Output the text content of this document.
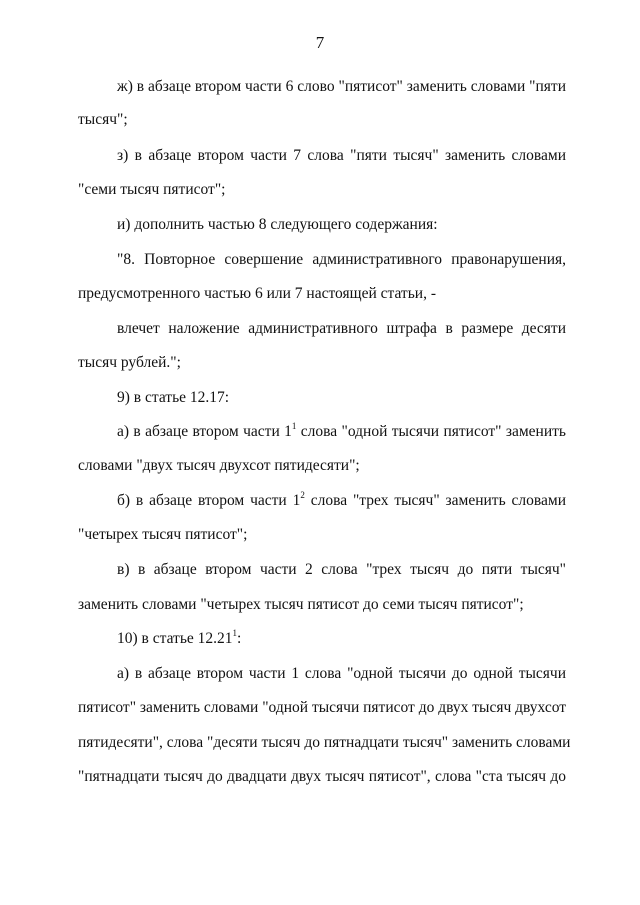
7
ж) в абзаце втором части 6 слово "пятисот" заменить словами "пяти
тысяч";
з) в абзаце втором части 7 слова "пяти тысяч" заменить словами
"семи тысяч пятисот";
и) дополнить частью 8 следующего содержания:
"8. Повторное совершение административного правонарушения,
предусмотренного частью 6 или 7 настоящей статьи, -
влечет наложение административного штрафа в размере десяти
тысяч рублей.";
9) в статье 12.17:
а) в абзаце втором части $1^1$ слова "одной тысячи пятисот" заменить
словами "двух тысяч двухсот пятидесяти";
б) в абзаце втором части $1^2$ слова "трех тысяч" заменить словами
"четырех тысяч пятисот";
в) в абзаце втором части 2 слова "трех тысяч до пяти тысяч"
заменить словами "четырех тысяч пятисот до семи тысяч пятисот";
10) в статье 12.21$^1$:
а) в абзаце втором части 1 слова "одной тысячи до одной тысячи
пятисот" заменить словами "одной тысячи пятисот до двух тысяч двухсот
пятидесяти", слова "десяти тысяч до пятнадцати тысяч" заменить словами
"пятнадцати тысяч до двадцати двух тысяч пятисот", слова "ста тысяч до
